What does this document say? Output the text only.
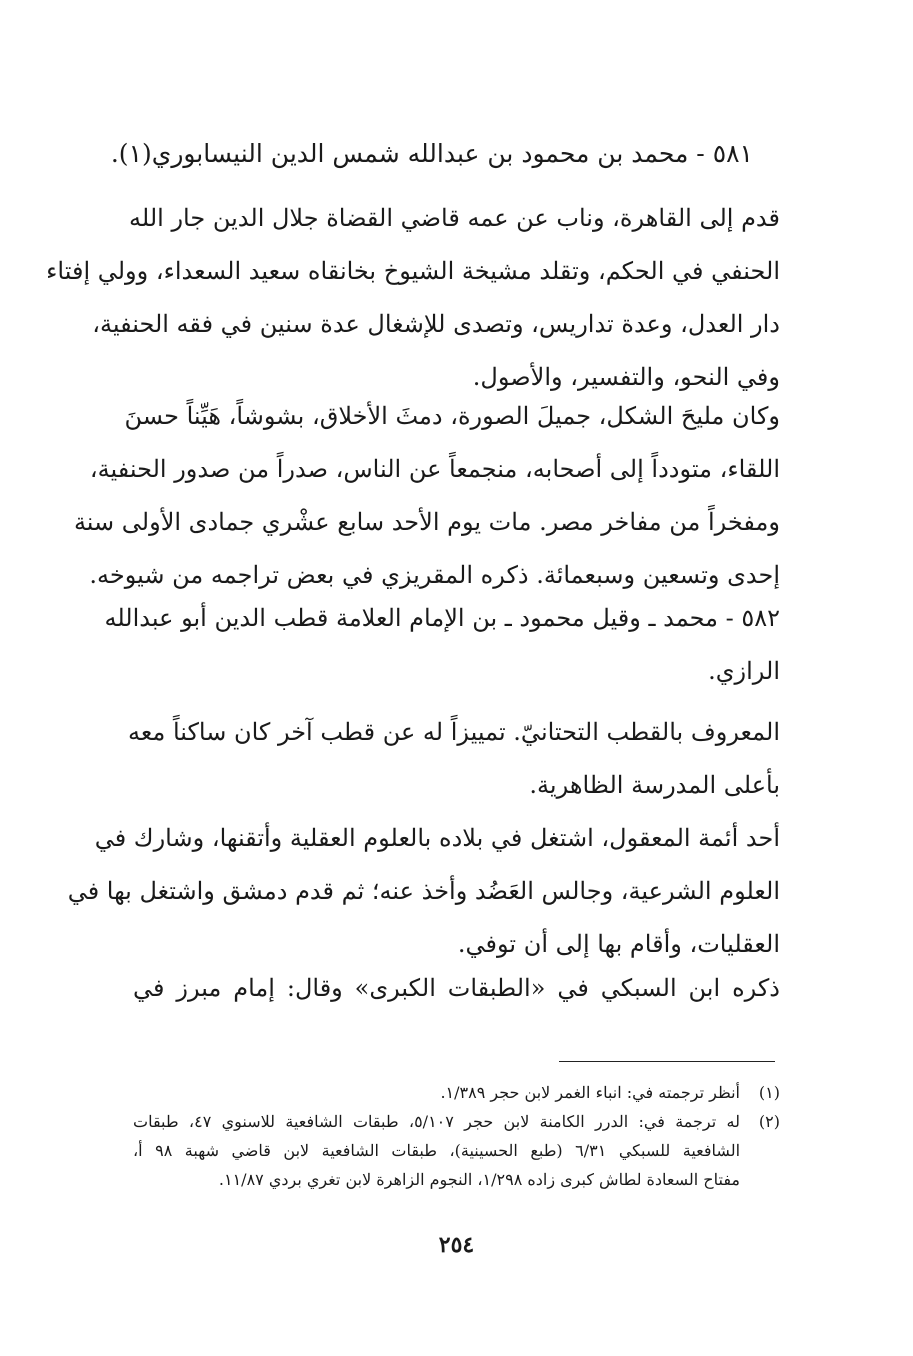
٥٨١ - محمد بن محمود بن عبدالله شمس الدين النيسابوري(١).
قدم إلى القاهرة، وناب عن عمه قاضي القضاة جلال الدين جار الله
الحنفي في الحكم، وتقلد مشيخة الشيوخ بخانقاه سعيد السعداء، وولي إفتاء
دار العدل، وعدة تداريس، وتصدى للإشغال عدة سنين في فقه الحنفية،
وفي النحو، والتفسير، والأصول.
وكان مليحَ الشكل، جميلَ الصورة، دمثَ الأخلاق، بشوشاً، هَيِّناً حسنَ
اللقاء، متودداً إلى أصحابه، منجمعاً عن الناس، صدراً من صدور الحنفية،
ومفخراً من مفاخر مصر. مات يوم الأحد سابع عشْري جمادى الأولى سنة
إحدى وتسعين وسبعمائة. ذكره المقريزي في بعض تراجمه من شيوخه.
٥٨٢ - محمد ـ وقيل محمود ـ بن الإمام العلامة قطب الدين أبو عبدالله
الرازي.
المعروف بالقطب التحتانيّ. تمييزاً له عن قطب آخر كان ساكناً معه
بأعلى المدرسة الظاهرية.
أحد أئمة المعقول، اشتغل في بلاده بالعلوم العقلية وأتقنها، وشارك في
العلوم الشرعية، وجالس العَضُد وأخذ عنه؛ ثم قدم دمشق واشتغل بها في
العقليات، وأقام بها إلى أن توفي.
ذكره ابن السبكي في «الطبقات الكبرى» وقال: إمام مبرز في
(١)
أنظر ترجمته في: انباء الغمر لابن حجر ١/٣٨٩.
(٢)
له ترجمة في: الدرر الكامنة لابن حجر ٥/١٠٧، طبقات الشافعية للاسنوي ٤٧، طبقات
الشافعية للسبكي ٦/٣١ (طبع الحسينية)، طبقات الشافعية لابن قاضي شهبة ٩٨ أ،
مفتاح السعادة لطاش كبرى زاده ١/٢٩٨، النجوم الزاهرة لابن تغري بردي ١١/٨٧.
٢٥٤
